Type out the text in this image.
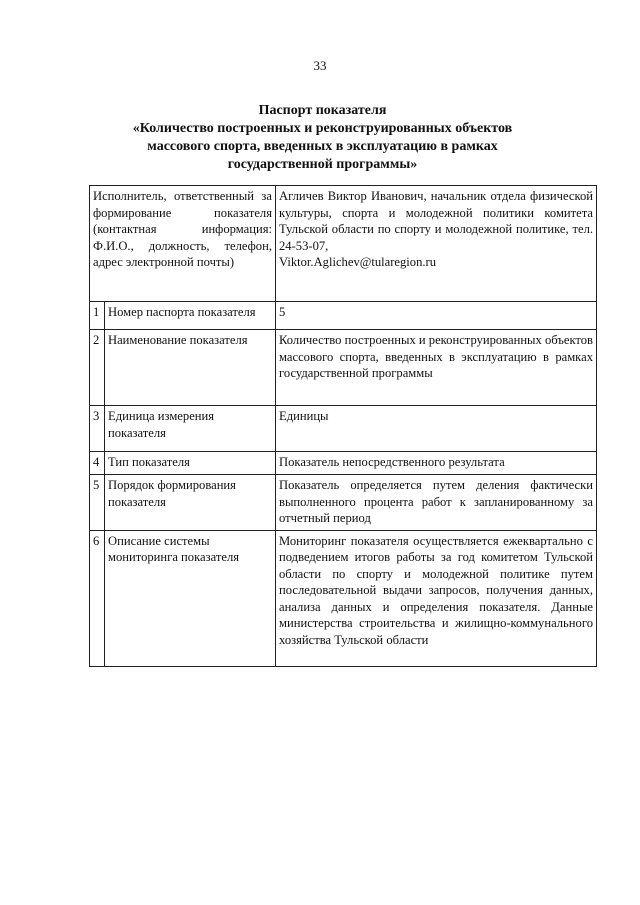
33
Паспорт показателя
«Количество построенных и реконструированных объектов
массового спорта, введенных в эксплуатацию в рамках
государственной программы»
Исполнитель, ответственный за формирование показателя (контактная информация: Ф.И.О., должность, телефон, адрес электронной почты)		Агличев Виктор Иванович, начальник отдела физической культуры, спорта и молодежной политики комитета Тульской области по спорту и молодежной политике, тел. 24-53-07,
Viktor.Aglichev@tularegion.ru
1	Номер паспорта показателя	5
2	Наименование показателя	Количество построенных и реконструированных объектов массового спорта, введенных в эксплуатацию в рамках государственной программы
3	Единица измерения показателя	Единицы
4	Тип показателя	Показатель непосредственного результата
5	Порядок формирования показателя	Показатель определяется путем деления фактически выполненного процента работ к запланированному за отчетный период
6	Описание системы мониторинга показателя	Мониторинг показателя осуществляется ежеквартально с подведением итогов работы за год комитетом Тульской области по спорту и молодежной политике путем последовательной выдачи запросов, получения данных, анализа данных и определения показателя. Данные министерства строительства и жилищно-коммунального хозяйства Тульской области
